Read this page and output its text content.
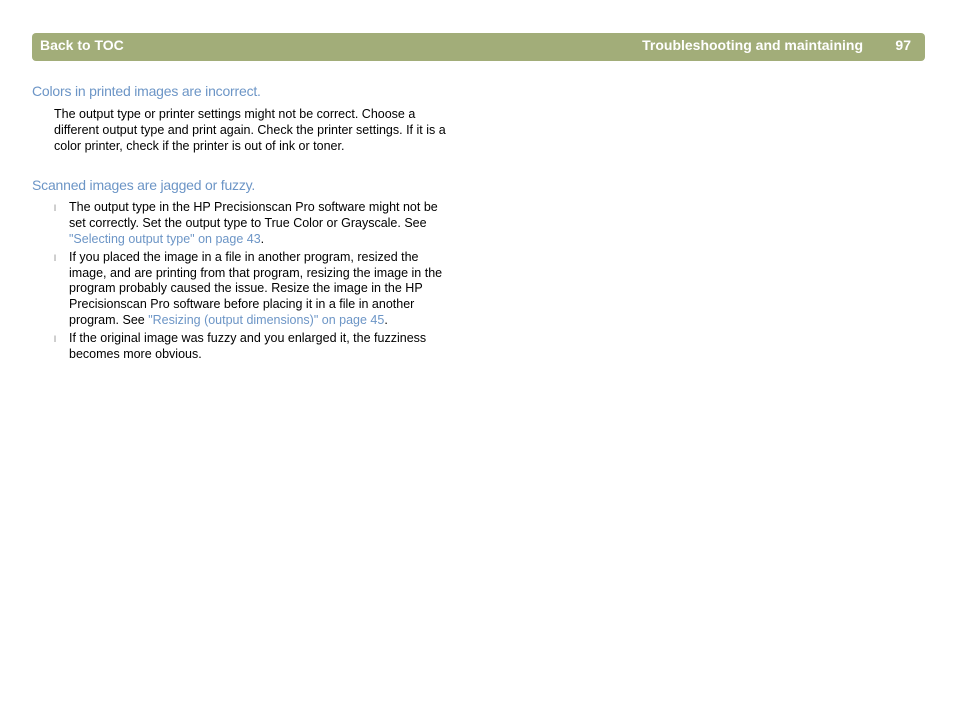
Back to TOC	Troubleshooting and maintaining 97
Colors in printed images are incorrect.

The output type or printer settings might not be correct. Choose a different output type and print again. Check the printer settings. If it is a color printer, check if the printer is out of ink or toner.

Scanned images are jagged or fuzzy.
l The output type in the HP Precisionscan Pro software might not be set correctly. Set the output type to True Color or Grayscale. See "Selecting output type" on page 43.
l If you placed the image in a file in another program, resized the image, and are printing from that program, resizing the image in the program probably caused the issue. Resize the image in the HP Precisionscan Pro software before placing it in a file in another program. See "Resizing (output dimensions)" on page 45.
l If the original image was fuzzy and you enlarged it, the fuzziness becomes more obvious.
